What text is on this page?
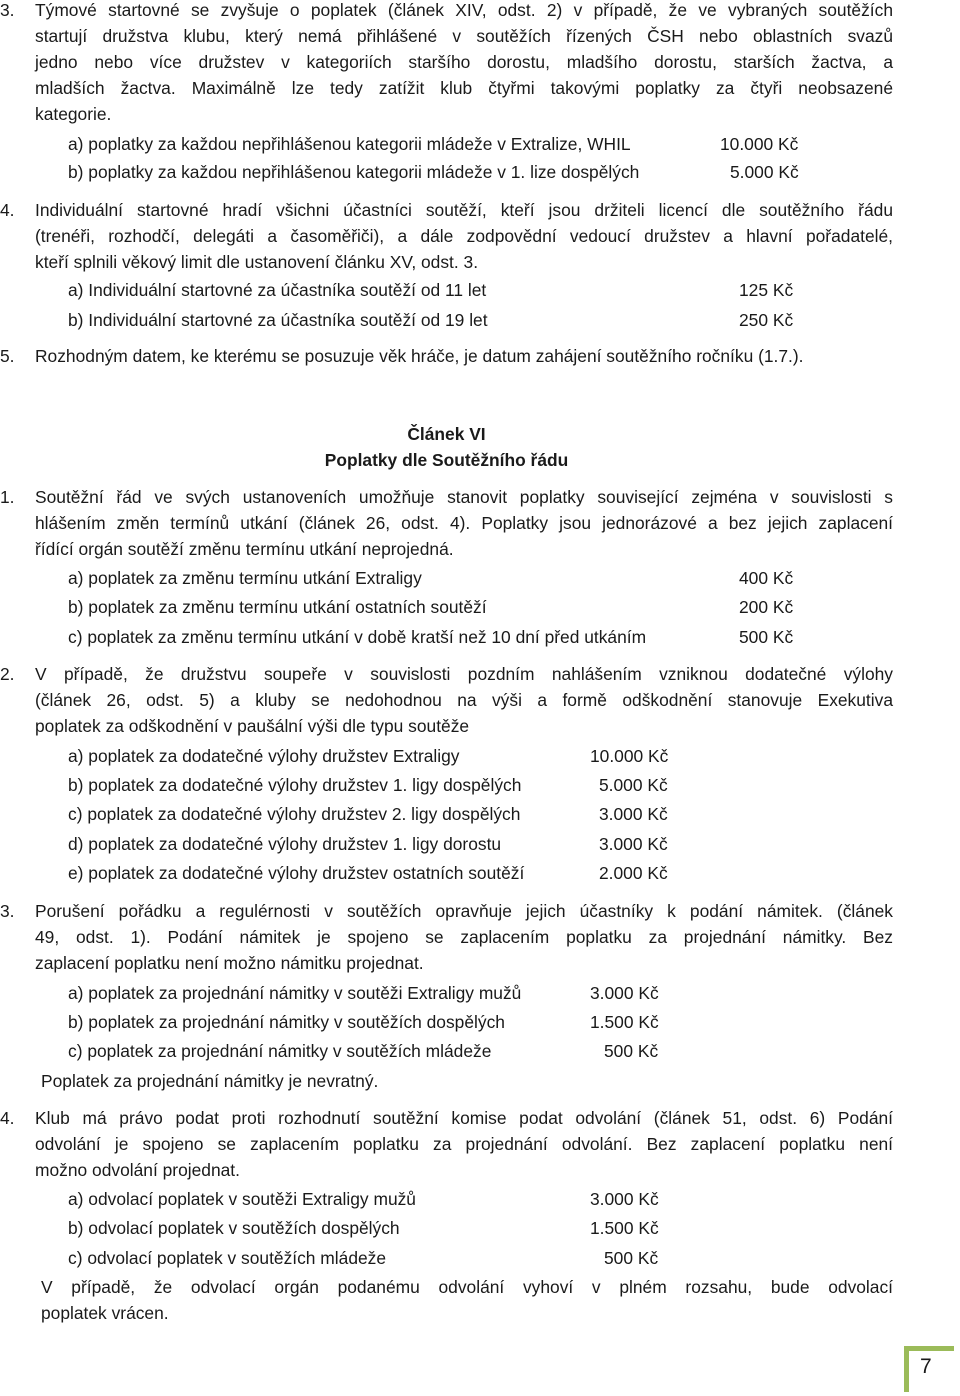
3. Týmové startovné se zvyšuje o poplatek (článek XIV, odst. 2) v případě, že ve vybraných soutěžích
startují družstva klubu, který nemá přihlášené v soutěžích řízených ČSH nebo oblastních svazů
jedno nebo více družstev v kategoriích staršího dorostu, mladšího dorostu, starších žactva, a
mladších žactva. Maximálně lze tedy zatížit klub čtyřmi takovými poplatky za čtyři neobsazené
kategorie.
a) poplatky za každou nepřihlášenou kategorii mládeže v Extralize, WHIL	10.000 Kč
b) poplatky za každou nepřihlášenou kategorii mládeže v 1. lize dospělých	5.000 Kč
4. Individuální startovné hradí všichni účastníci soutěží, kteří jsou držiteli licencí dle soutěžního řádu
(trenéři, rozhodčí, delegáti a časoměřiči), a dále zodpovědní vedoucí družstev a hlavní pořadatelé,
kteří splnili věkový limit dle ustanovení článku XV, odst. 3.
a) Individuální startovné za účastníka soutěží od 11 let	125 Kč
b) Individuální startovné za účastníka soutěží od 19 let	250 Kč
5. Rozhodným datem, ke kterému se posuzuje věk hráče, je datum zahájení soutěžního ročníku (1.7.).
Článek VI
Poplatky dle Soutěžního řádu
1. Soutěžní řád ve svých ustanoveních umožňuje stanovit poplatky související zejména v souvislosti s
hlášením změn termínů utkání (článek 26, odst. 4). Poplatky jsou jednorázové a bez jejich zaplacení
řídící orgán soutěží změnu termínu utkání neprojedná.
a) poplatek za změnu termínu utkání Extraligy	400 Kč
b) poplatek za změnu termínu utkání ostatních soutěží	200 Kč
c) poplatek za změnu termínu utkání v době kratší než 10 dní před utkáním	500 Kč
2. V případě, že družstvu soupeře v souvislosti pozdním nahlášením vzniknou dodatečné výlohy
(článek 26, odst. 5) a kluby se nedohodnou na výši a formě odškodnění stanovuje Exekutiva
poplatek za odškodnění v paušální výši dle typu soutěže
a) poplatek za dodatečné výlohy družstev Extraligy	10.000 Kč
b) poplatek za dodatečné výlohy družstev 1. ligy dospělých	5.000 Kč
c) poplatek za dodatečné výlohy družstev 2. ligy dospělých	3.000 Kč
d) poplatek za dodatečné výlohy družstev 1. ligy dorostu	3.000 Kč
e) poplatek za dodatečné výlohy družstev ostatních soutěží	2.000 Kč
3. Porušení pořádku a regulérnosti v soutěžích opravňuje jejich účastníky k podání námitek. (článek
49, odst. 1). Podání námitek je spojeno se zaplacením poplatku za projednání námitky. Bez
zaplacení poplatku není možno námitku projednat.
a) poplatek za projednání námitky v soutěži Extraligy mužů	3.000 Kč
b) poplatek za projednání námitky v soutěžích dospělých	1.500 Kč
c) poplatek za projednání námitky v soutěžích mládeže	500 Kč
Poplatek za projednání námitky je nevratný.
4. Klub má právo podat proti rozhodnutí soutěžní komise podat odvolání (článek 51, odst. 6) Podání
odvolání je spojeno se zaplacením poplatku za projednání odvolání. Bez zaplacení poplatku není
možno odvolání projednat.
a) odvolací poplatek v soutěži Extraligy mužů	3.000 Kč
b) odvolací poplatek v soutěžích dospělých	1.500 Kč
c) odvolací poplatek v soutěžích mládeže	500 Kč
V případě, že odvolací orgán podanému odvolání vyhoví v plném rozsahu, bude odvolací
poplatek vrácen.
7
